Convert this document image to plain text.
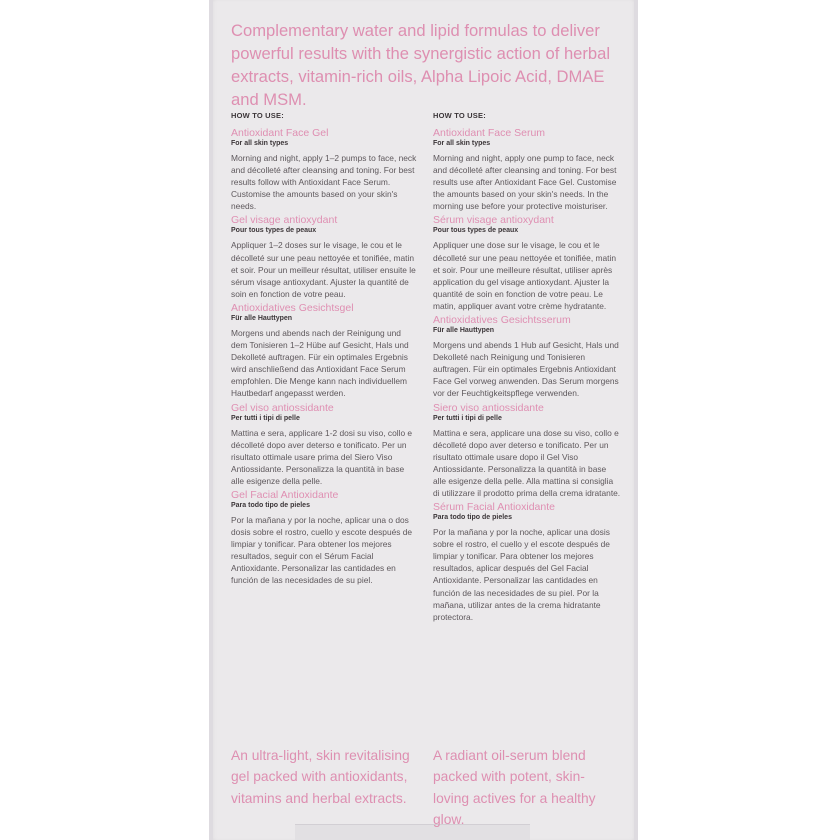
Complementary water and lipid formulas to deliver powerful results with the synergistic action of herbal extracts, vitamin-rich oils, Alpha Lipoic Acid, DMAE and MSM.

HOW TO USE:
Antioxidant Face Gel
For all skin types

Morning and night, apply 1–2 pumps to face, neck and décolleté after cleansing and toning. For best results follow with Antioxidant Face Serum. Customise the amounts based on your skin's needs.

Gel visage antioxydant
Pour tous types de peaux

Appliquer 1–2 doses sur le visage, le cou et le décolleté sur une peau nettoyée et tonifiée, matin et soir. Pour un meilleur résultat, utiliser ensuite le sérum visage antioxydant. Ajuster la quantité de soin en fonction de votre peau.

Antioxidatives Gesichtsgel
Für alle Hauttypen

Morgens und abends nach der Reinigung und dem Tonisieren 1–2 Hübe auf Gesicht, Hals und Dekolleté auftragen. Für ein optimales Ergebnis wird anschließend das Antioxidant Face Serum empfohlen. Die Menge kann nach individuellem Hautbedarf angepasst werden.

Gel viso antiossidante
Per tutti i tipi di pelle

Mattina e sera, applicare 1-2 dosi su viso, collo e décolleté dopo aver deterso e tonificato. Per un risultato ottimale usare prima del Siero Viso Antiossidante. Personalizza la quantità in base alle esigenze della pelle.

Gel Facial Antioxidante
Para todo tipo de pieles

Por la mañana y por la noche, aplicar una o dos dosis sobre el rostro, cuello y escote después de limpiar y tonificar. Para obtener los mejores resultados, seguir con el Sérum Facial Antioxidante. Personalizar las cantidades en función de las necesidades de su piel.

HOW TO USE:
Antioxidant Face Serum
For all skin types

Morning and night, apply one pump to face, neck and décolleté after cleansing and toning. For best results use after Antioxidant Face Gel. Customise the amounts based on your skin's needs. In the morning use before your protective moisturiser.

Sérum visage antioxydant
Pour tous types de peaux

Appliquer une dose sur le visage, le cou et le décolleté sur une peau nettoyée et tonifiée, matin et soir. Pour une meilleure résultat, utiliser après application du gel visage antioxydant. Ajuster la quantité de soin en fonction de votre peau. Le matin, appliquer avant votre crème hydratante.

Antioxidatives Gesichtsserum
Für alle Hauttypen

Morgens und abends 1 Hub auf Gesicht, Hals und Dekolleté nach Reinigung und Tonisieren auftragen. Für ein optimales Ergebnis Antioxidant Face Gel vorweg anwenden. Das Serum morgens vor der Feuchtigkeitspflege verwenden.

Siero viso antiossidante
Per tutti i tipi di pelle

Mattina e sera, applicare una dose su viso, collo e décolleté dopo aver deterso e tonificato. Per un risultato ottimale usare dopo il Gel Viso Antiossidante. Personalizza la quantità in base alle esigenze della pelle. Alla mattina si consiglia di utilizzare il prodotto prima della crema idratante.

Sérum Facial Antioxidante
Para todo tipo de pieles

Por la mañana y por la noche, aplicar una dosis sobre el rostro, el cuello y el escote después de limpiar y tonificar. Para obtener los mejores resultados, aplicar después del Gel Facial Antioxidante. Personalizar las cantidades en función de las necesidades de su piel. Por la mañana, utilizar antes de la crema hidratante protectora.

An ultra-light, skin revitalising gel packed with antioxidants, vitamins and herbal extracts.

A radiant oil-serum blend packed with potent, skin-loving actives for a healthy glow.
